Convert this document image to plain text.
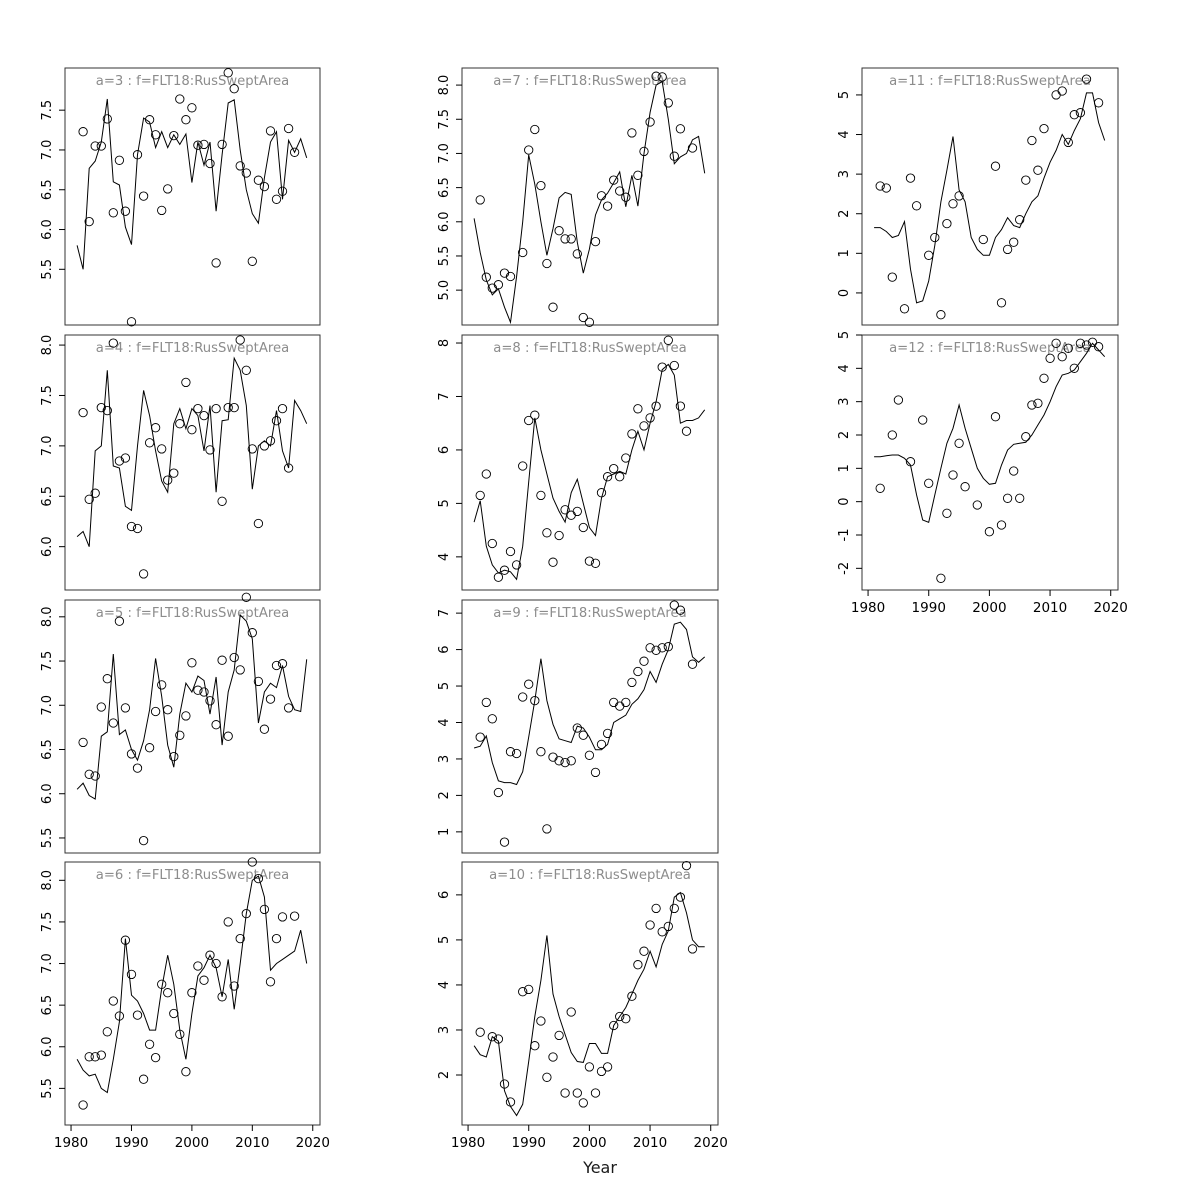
a=3 : f=FLT18:RusSweptArea
5.5
6.0
6.5
7.0
7.5
a=4 : f=FLT18:RusSweptArea
6.0
6.5
7.0
7.5
8.0
a=5 : f=FLT18:RusSweptArea
5.5
6.0
6.5
7.0
7.5
8.0
a=6 : f=FLT18:RusSweptArea
5.5
6.0
6.5
7.0
7.5
8.0
1980 1990 2000 2010 2020
a=7 : f=FLT18:RusSweptArea
5.0
5.5
6.0
6.5
7.0
7.5
8.0
a=8 : f=FLT18:RusSweptArea
4
5
6
7
8
a=9 : f=FLT18:RusSweptArea
1
2
3
4
5
6
7
a=10 : f=FLT18:RusSweptArea
2
3
4
5
6
1980 1990 2000 2010 2020
a=11 : f=FLT18:RusSweptArea
0
1
2
3
4
5
a=12 : f=FLT18:RusSweptArea
-2
-1
0
1
2
3
4
5
1980 1990 2000 2010 2020
Year
